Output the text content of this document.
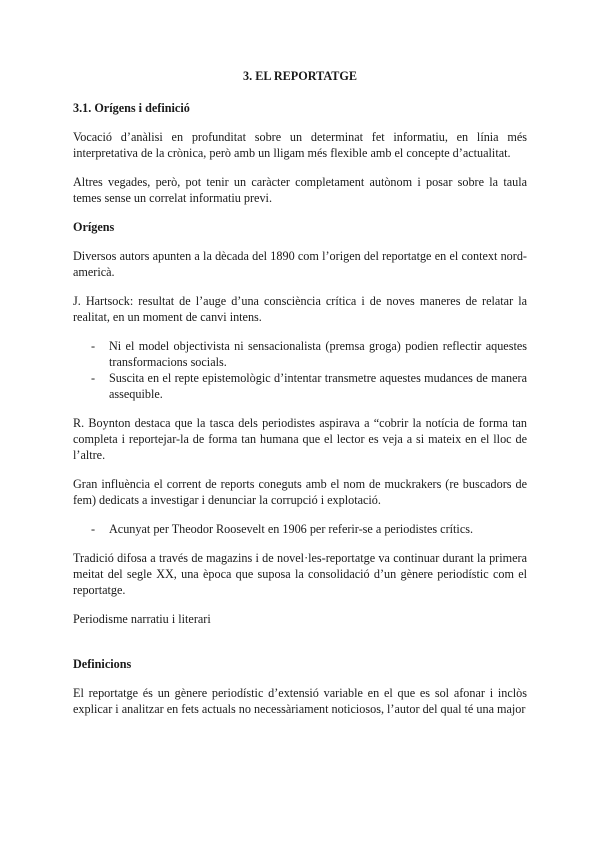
3. EL REPORTATGE
3.1. Orígens i definició
Vocació d’anàlisi en profunditat sobre un determinat fet informatiu, en línia més interpretativa de la crònica, però amb un lligam més flexible amb el concepte d’actualitat.
Altres vegades, però, pot tenir un caràcter completament autònom i posar sobre la taula temes sense un correlat informatiu previ.
Orígens
Diversos autors apunten a la dècada del 1890 com l’origen del reportatge en el context nord-americà.
J. Hartsock: resultat de l’auge d’una consciència crítica i de noves maneres de relatar la realitat, en un moment de canvi intens.
- Ni el model objectivista ni sensacionalista (premsa groga) podien reflectir aquestes transformacions socials.
- Suscita en el repte epistemològic d’intentar transmetre aquestes mudances de manera assequible.
R. Boynton destaca que la tasca dels periodistes aspirava a “cobrir la notícia de forma tan completa i reportejar-la de forma tan humana que el lector es veja a si mateix en el lloc de l’altre.
Gran influència el corrent de reports coneguts amb el nom de muckrakers (re buscadors de fem) dedicats a investigar i denunciar la corrupció i explotació.
- Acunyat per Theodor Roosevelt en 1906 per referir-se a periodistes crítics.
Tradició difosa a través de magazins i de novel·les-reportatge va continuar durant la primera meitat del segle XX, una època que suposa la consolidació d’un gènere periodístic com el reportatge.
Periodisme narratiu i literari
Definicions
El reportatge és un gènere periodístic d’extensió variable en el que es sol afonar i inclòs explicar i analitzar en fets actuals no necessàriament noticiosos, l’autor del qual té una major
